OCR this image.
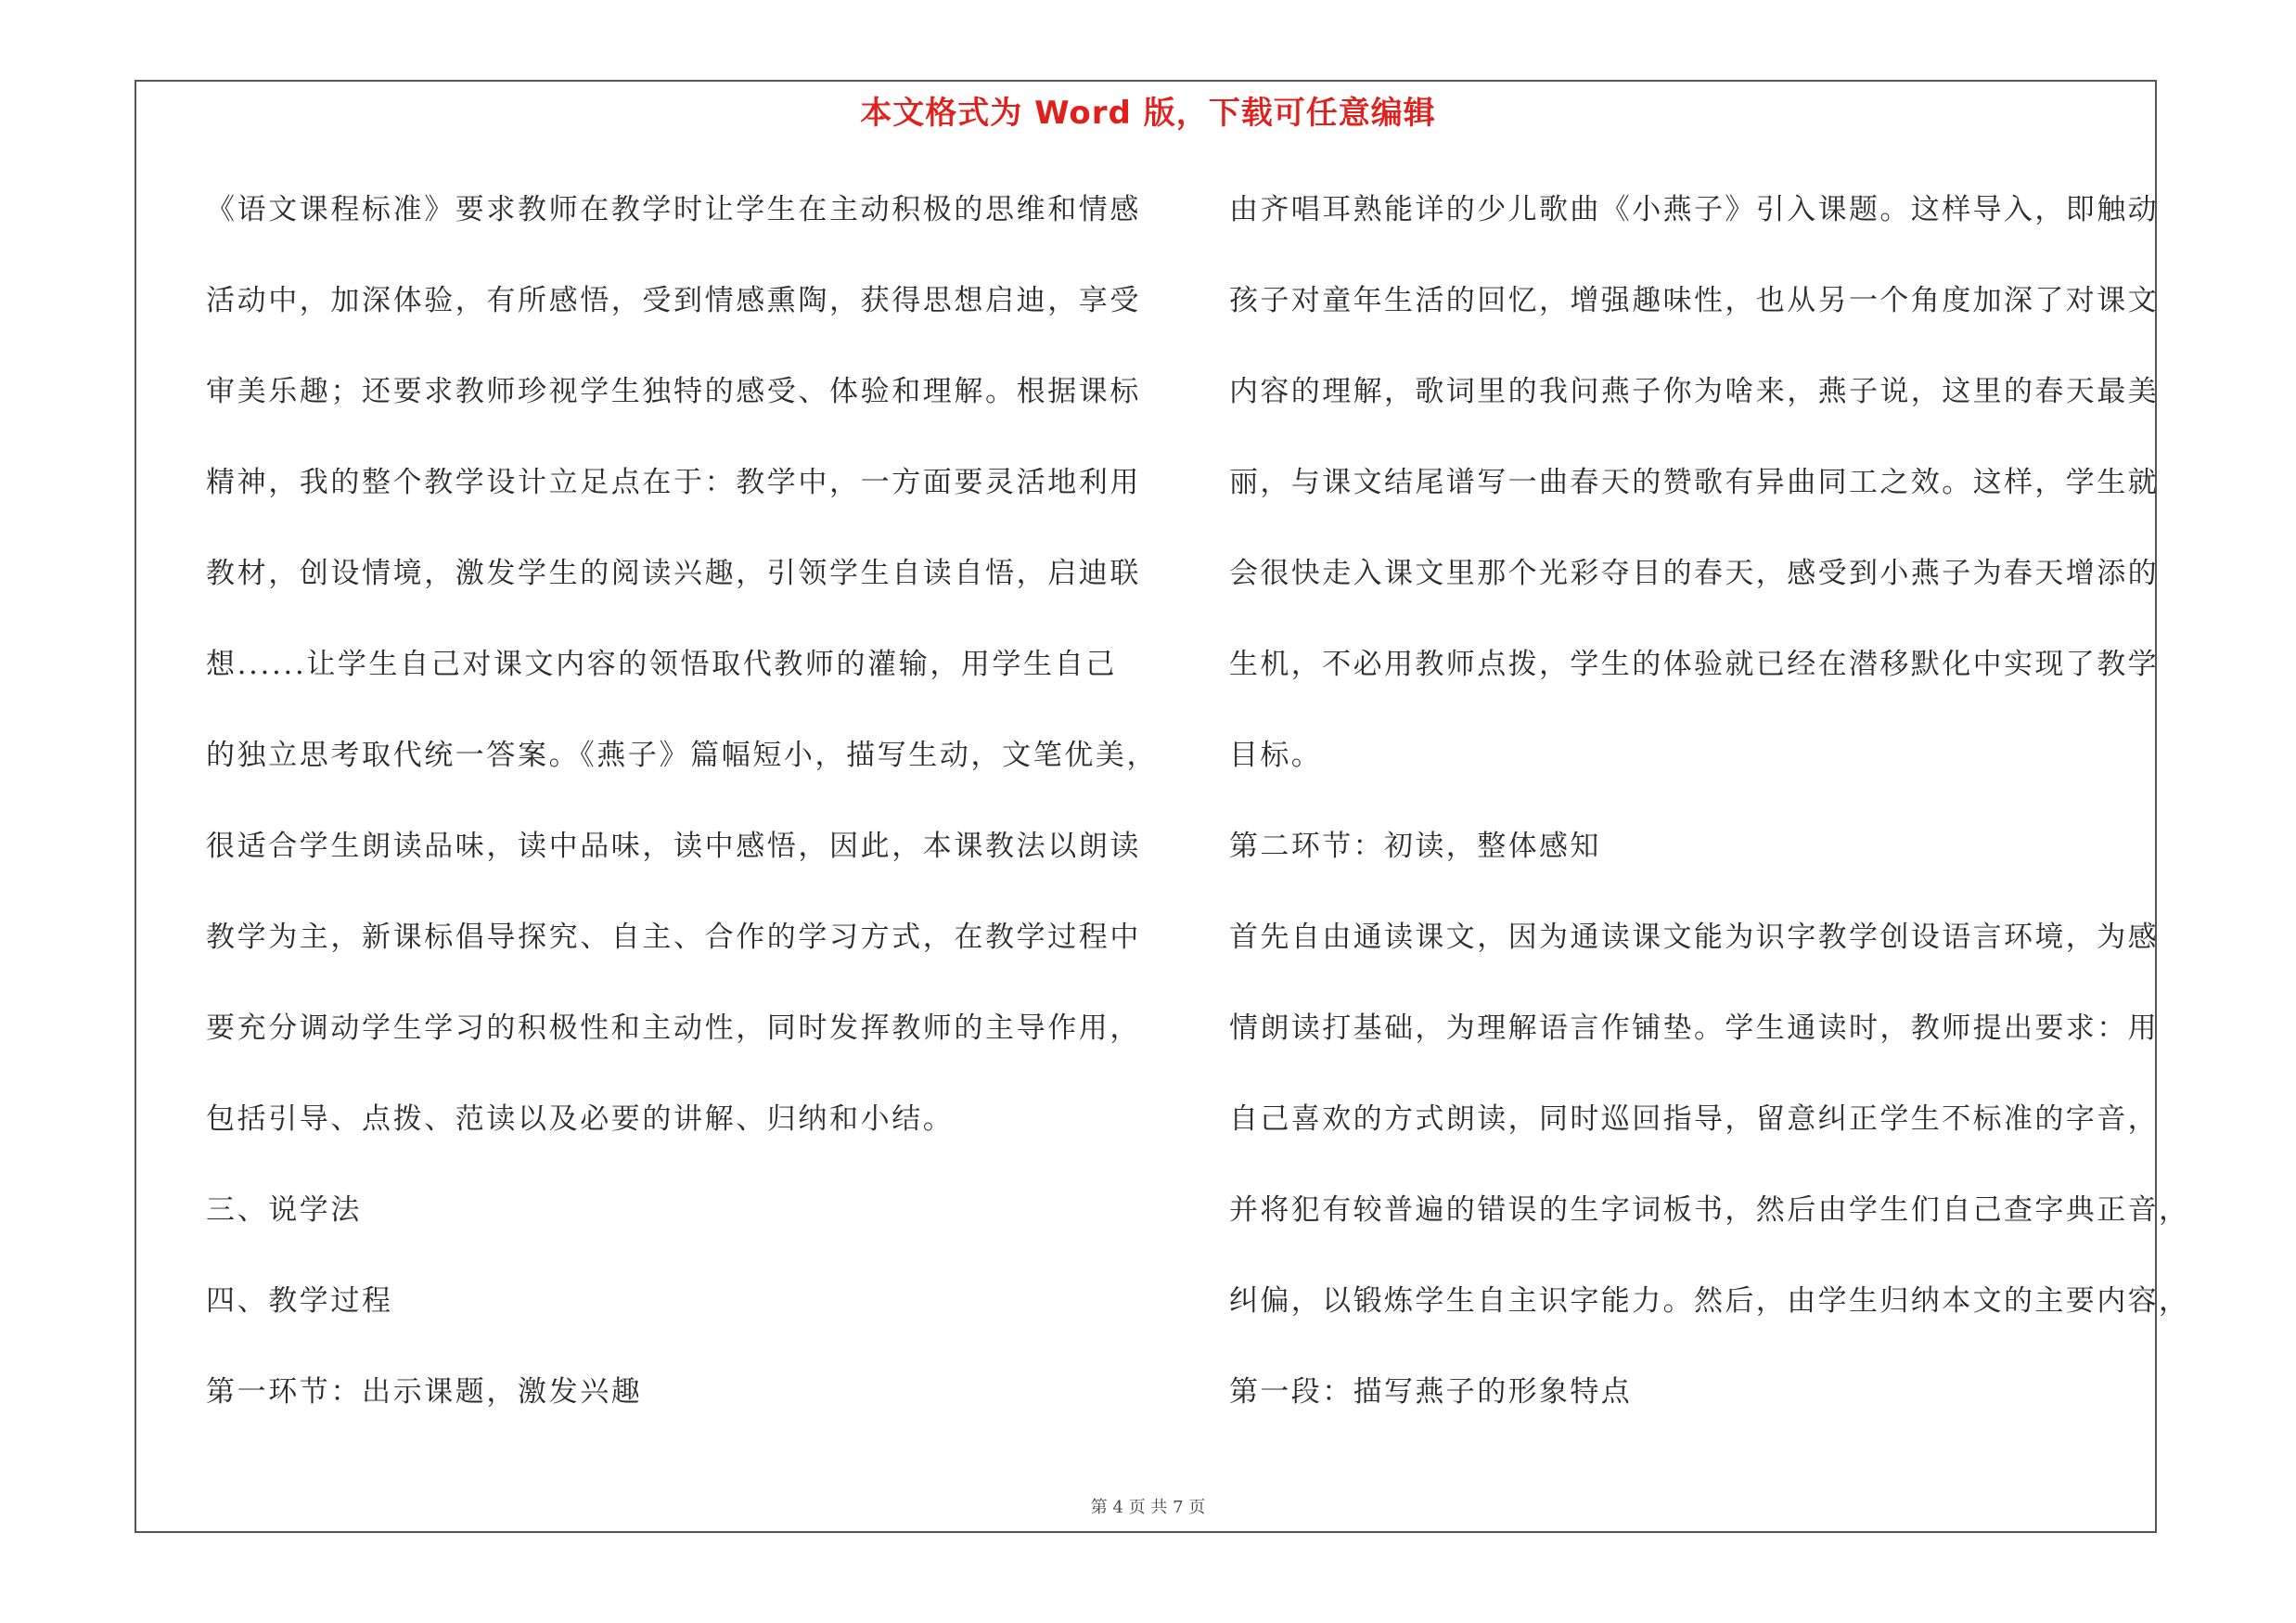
本文格式为 Word 版，下载可任意编辑
《语文课程标准》要求教师在教学时让学生在主动积极的思维和情感
活动中，加深体验，有所感悟，受到情感熏陶，获得思想启迪，享受
审美乐趣；还要求教师珍视学生独特的感受、体验和理解。根据课标
精神，我的整个教学设计立足点在于：教学中，一方面要灵活地利用
教材，创设情境，激发学生的阅读兴趣，引领学生自读自悟，启迪联
想......让学生自己对课文内容的领悟取代教师的灌输，用学生自己
的独立思考取代统一答案。《燕子》篇幅短小，描写生动，文笔优美，
很适合学生朗读品味，读中品味，读中感悟，因此，本课教法以朗读
教学为主，新课标倡导探究、自主、合作的学习方式，在教学过程中
要充分调动学生学习的积极性和主动性，同时发挥教师的主导作用，
包括引导、点拨、范读以及必要的讲解、归纳和小结。
三、说学法
四、教学过程
第一环节：出示课题，激发兴趣
由齐唱耳熟能详的少儿歌曲《小燕子》引入课题。这样导入，即触动
孩子对童年生活的回忆，增强趣味性，也从另一个角度加深了对课文
内容的理解，歌词里的我问燕子你为啥来，燕子说，这里的春天最美
丽，与课文结尾谱写一曲春天的赞歌有异曲同工之效。这样，学生就
会很快走入课文里那个光彩夺目的春天，感受到小燕子为春天增添的
生机，不必用教师点拨，学生的体验就已经在潜移默化中实现了教学
目标。
第二环节：初读，整体感知
首先自由通读课文，因为通读课文能为识字教学创设语言环境，为感
情朗读打基础，为理解语言作铺垫。学生通读时，教师提出要求：用
自己喜欢的方式朗读，同时巡回指导，留意纠正学生不标准的字音，
并将犯有较普遍的错误的生字词板书，然后由学生们自己查字典正音，
纠偏，以锻炼学生自主识字能力。然后，由学生归纳本文的主要内容，
第一段：描写燕子的形象特点
第 4 页 共 7 页
